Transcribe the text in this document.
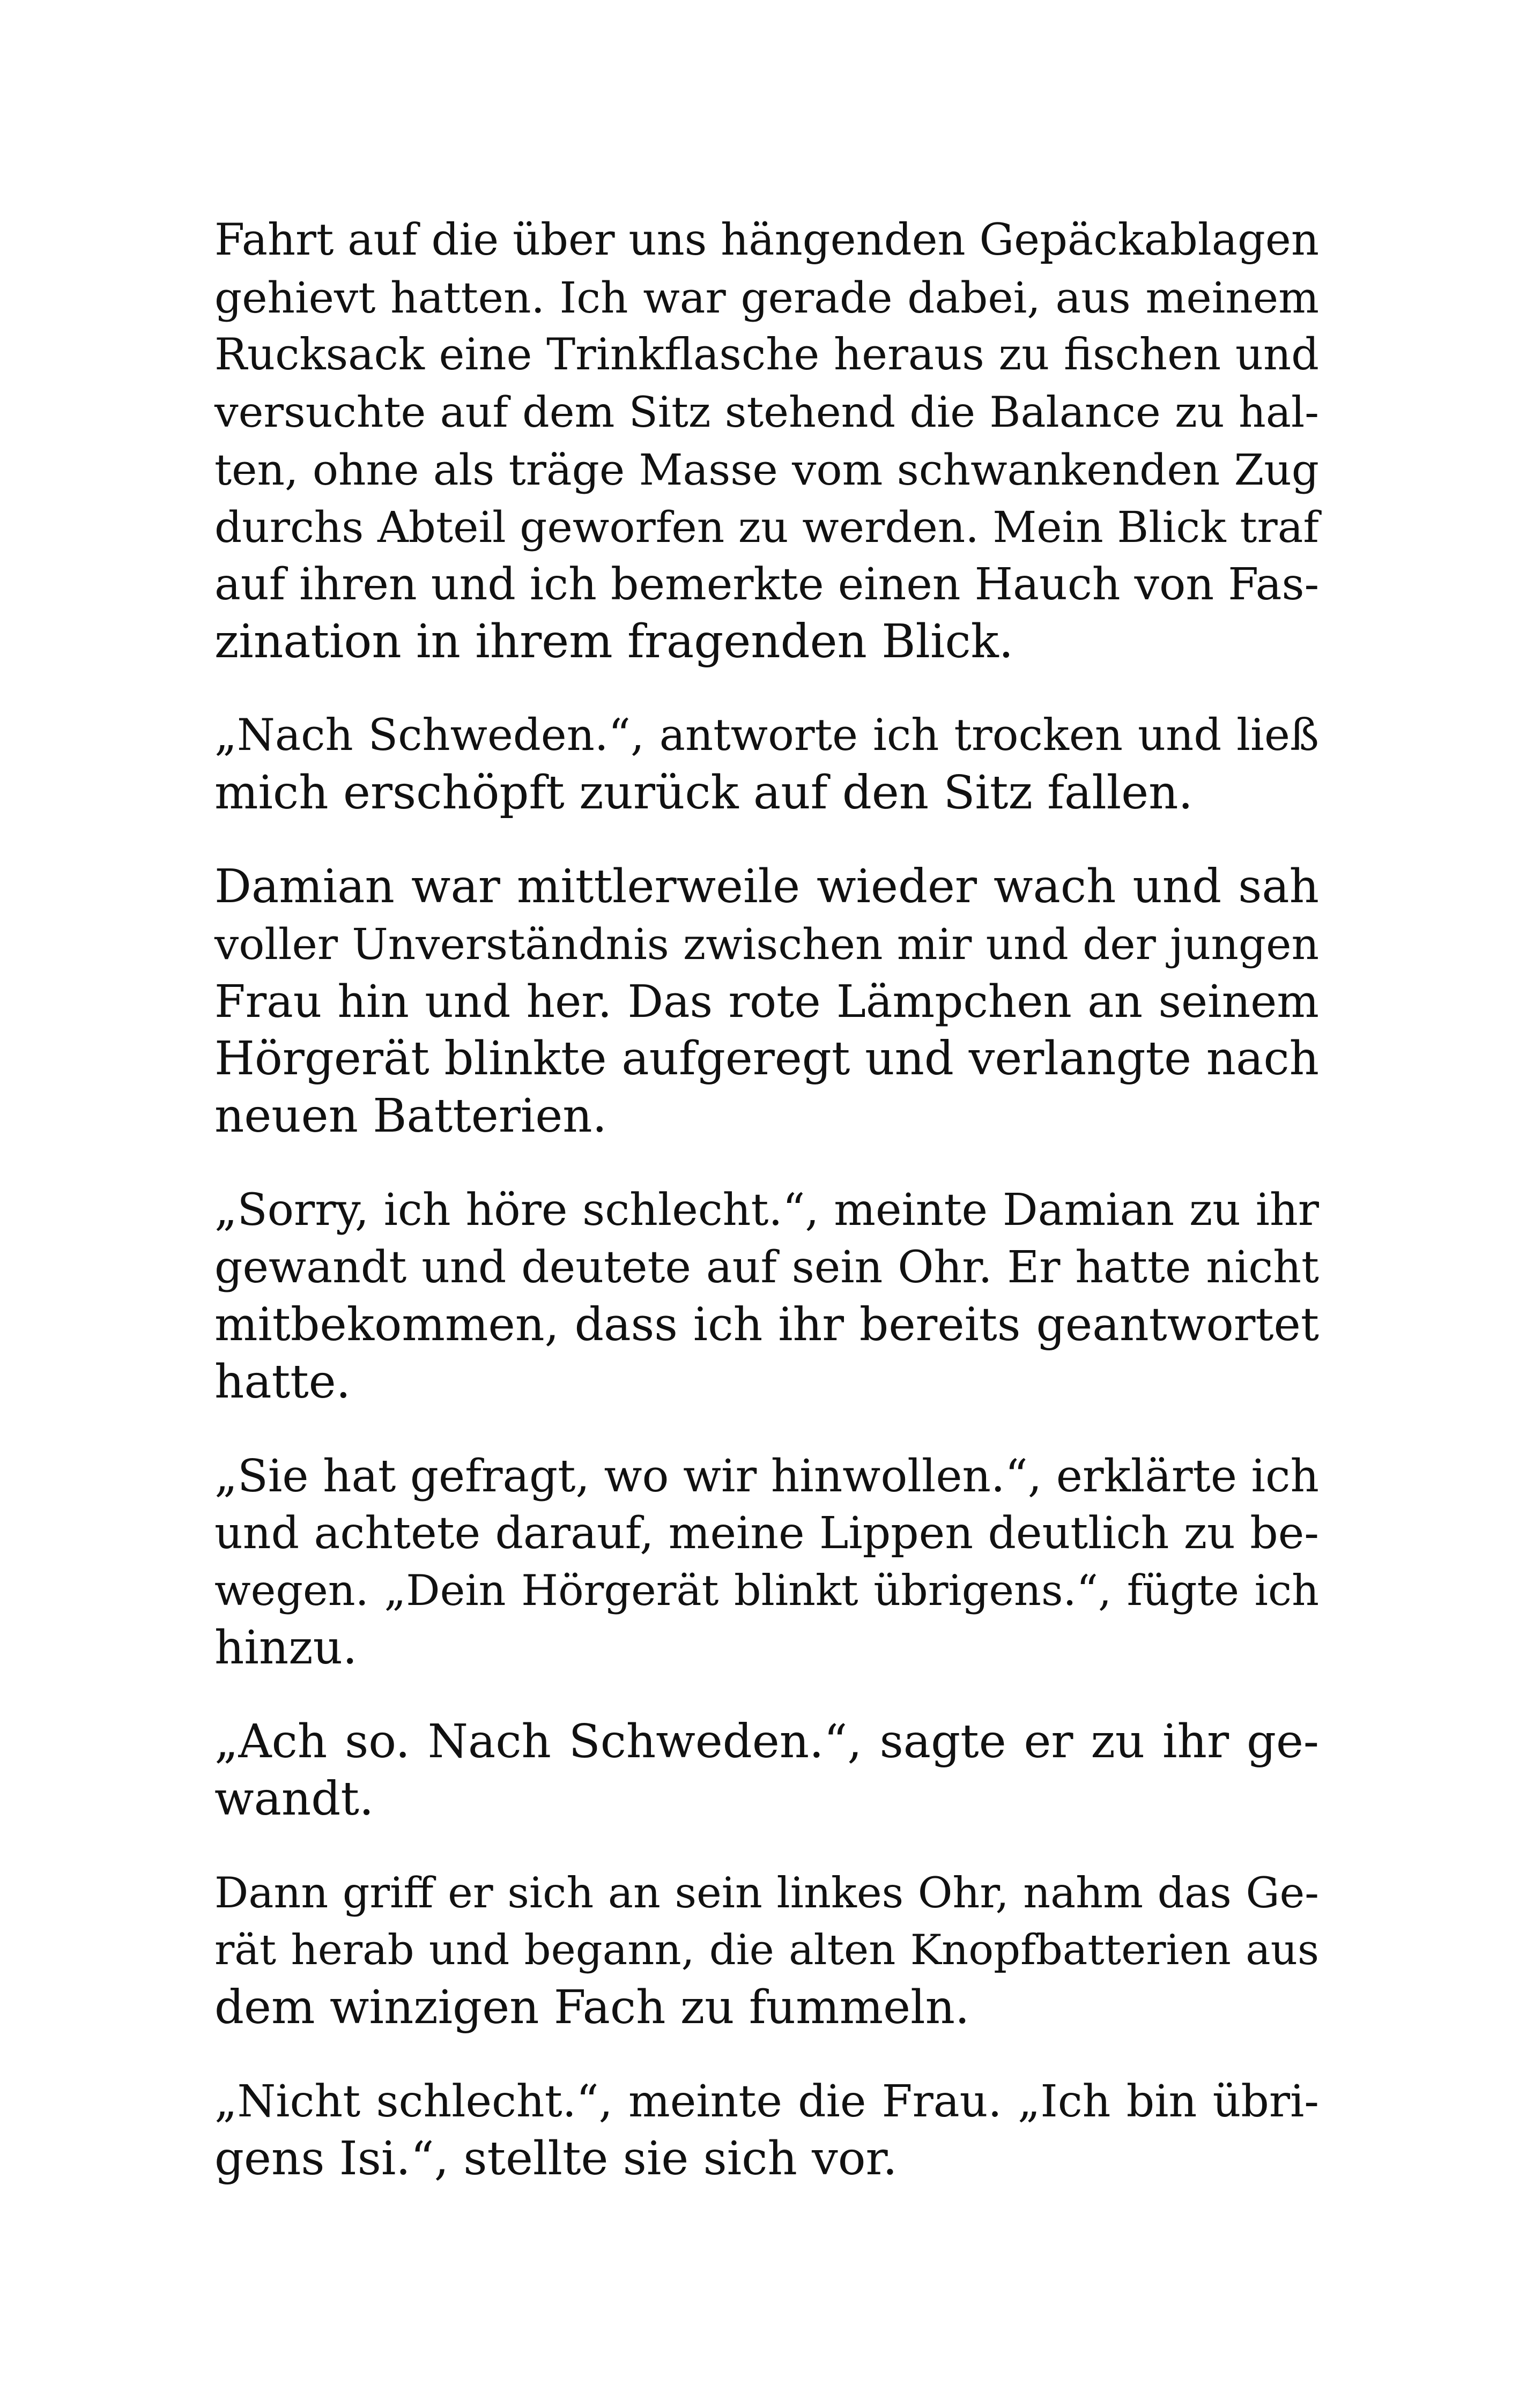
Fahrt auf die über uns hängenden Gepäckablagen
gehievt hatten. Ich war gerade dabei, aus meinem
Rucksack eine Trinkflasche heraus zu fischen und
versuchte auf dem Sitz stehend die Balance zu hal-
ten, ohne als träge Masse vom schwankenden Zug
durchs Abteil geworfen zu werden. Mein Blick traf
auf ihren und ich bemerkte einen Hauch von Fas-
zination in ihrem fragenden Blick.

„Nach Schweden.“, antworte ich trocken und ließ
mich erschöpft zurück auf den Sitz fallen.

Damian war mittlerweile wieder wach und sah
voller Unverständnis zwischen mir und der jungen
Frau hin und her. Das rote Lämpchen an seinem
Hörgerät blinkte aufgeregt und verlangte nach
neuen Batterien.

„Sorry, ich höre schlecht.“, meinte Damian zu ihr
gewandt und deutete auf sein Ohr. Er hatte nicht
mitbekommen, dass ich ihr bereits geantwortet
hatte.

„Sie hat gefragt, wo wir hinwollen.“, erklärte ich
und achtete darauf, meine Lippen deutlich zu be-
wegen. „Dein Hörgerät blinkt übrigens.“, fügte ich
hinzu.

„Ach so. Nach Schweden.“, sagte er zu ihr ge-
wandt.

Dann griff er sich an sein linkes Ohr, nahm das Ge-
rät herab und begann, die alten Knopfbatterien aus
dem winzigen Fach zu fummeln.

„Nicht schlecht.“, meinte die Frau. „Ich bin übri-
gens Isi.“, stellte sie sich vor.
